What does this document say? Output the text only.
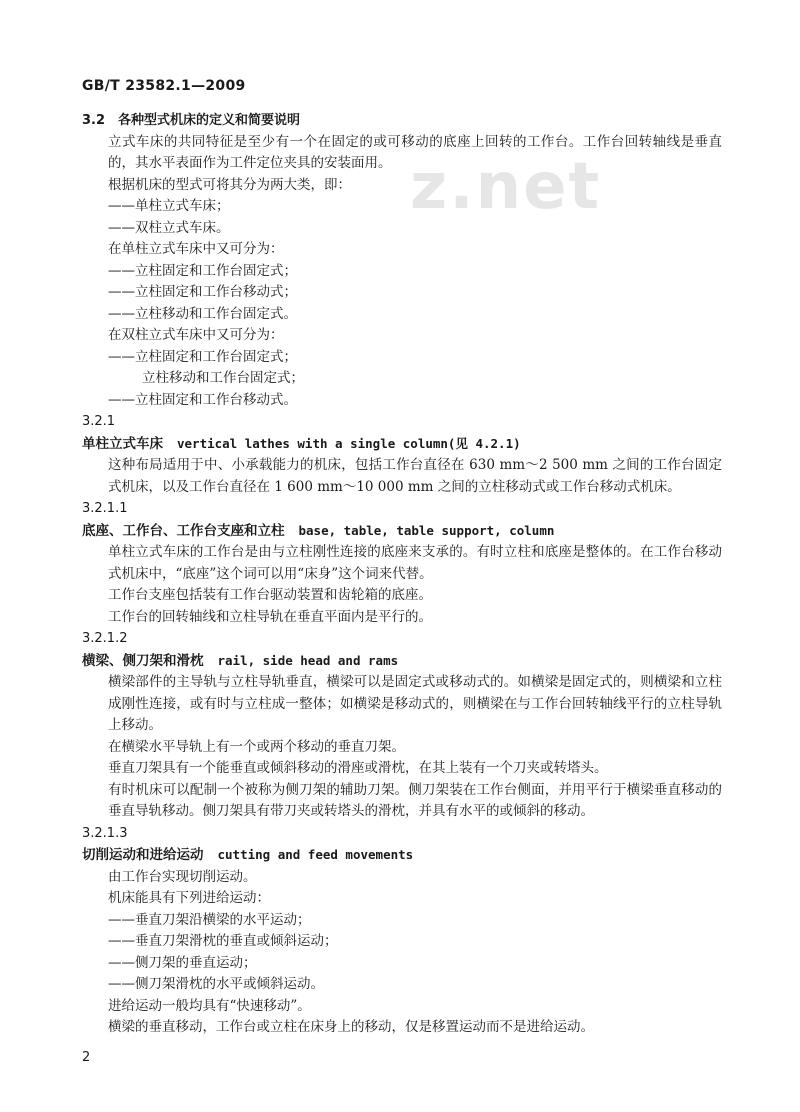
z.net
GB/T 23582.1—2009
3.2　各种型式机床的定义和简要说明
立式车床的共同特征是至少有一个在固定的或可移动的底座上回转的工作台。工作台回转轴线是垂直的，其水平表面作为工件定位夹具的安装面用。
根据机床的型式可将其分为两大类，即：
——单柱立式车床；
——双柱立式车床。
在单柱立式车床中又可分为：
——立柱固定和工作台固定式；
——立柱固定和工作台移动式；
——立柱移动和工作台固定式。
在双柱立式车床中又可分为：
——立柱固定和工作台固定式；
立柱移动和工作台固定式；
——立柱固定和工作台移动式。
3.2.1
单柱立式车床 vertical lathes with a single column(见 4.2.1)
这种布局适用于中、小承载能力的机床，包括工作台直径在 630 mm～2 500 mm 之间的工作台固定式机床，以及工作台直径在 1 600 mm～10 000 mm 之间的立柱移动式或工作台移动式机床。
3.2.1.1
底座、工作台、工作台支座和立柱 base, table, table support, column
单柱立式车床的工作台是由与立柱刚性连接的底座来支承的。有时立柱和底座是整体的。在工作台移动式机床中，“底座”这个词可以用“床身”这个词来代替。
工作台支座包括装有工作台驱动装置和齿轮箱的底座。
工作台的回转轴线和立柱导轨在垂直平面内是平行的。
3.2.1.2
横梁、侧刀架和滑枕 rail, side head and rams
横梁部件的主导轨与立柱导轨垂直，横梁可以是固定式或移动式的。如横梁是固定式的，则横梁和立柱成刚性连接，或有时与立柱成一整体；如横梁是移动式的，则横梁在与工作台回转轴线平行的立柱导轨上移动。
在横梁水平导轨上有一个或两个移动的垂直刀架。
垂直刀架具有一个能垂直或倾斜移动的滑座或滑枕，在其上装有一个刀夹或转塔头。
有时机床可以配制一个被称为侧刀架的辅助刀架。侧刀架装在工作台侧面，并用平行于横梁垂直移动的垂直导轨移动。侧刀架具有带刀夹或转塔头的滑枕，并具有水平的或倾斜的移动。
3.2.1.3
切削运动和进给运动 cutting and feed movements
由工作台实现切削运动。
机床能具有下列进给运动：
——垂直刀架沿横梁的水平运动；
——垂直刀架滑枕的垂直或倾斜运动；
——侧刀架的垂直运动；
——侧刀架滑枕的水平或倾斜运动。
进给运动一般均具有“快速移动”。
横梁的垂直移动，工作台或立柱在床身上的移动，仅是移置运动而不是进给运动。
2
